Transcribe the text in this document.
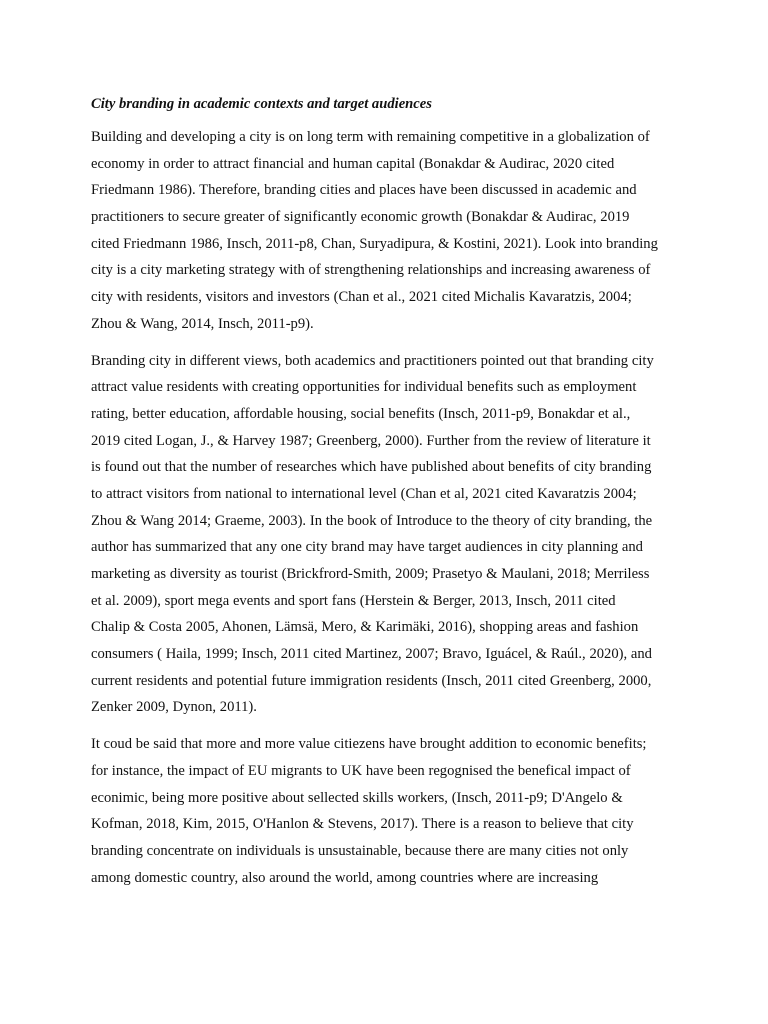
City branding in academic contexts and target audiences
Building and developing a city is on long term with remaining competitive in a globalization of
economy in order to attract financial and human capital (Bonakdar & Audirac, 2020 cited
Friedmann 1986). Therefore, branding cities and places have been discussed in academic and
practitioners to secure greater of significantly economic growth (Bonakdar & Audirac, 2019
cited Friedmann 1986, Insch, 2011-p8, Chan, Suryadipura, & Kostini, 2021). Look into branding
city is a city marketing strategy with of strengthening relationships and increasing awareness of
city with residents, visitors and investors (Chan et al., 2021 cited Michalis Kavaratzis, 2004;
Zhou & Wang, 2014, Insch, 2011-p9).
Branding city in different views, both academics and practitioners pointed out that branding city
attract value residents with creating opportunities for individual benefits such as employment
rating, better education, affordable housing, social benefits (Insch, 2011-p9, Bonakdar et al.,
2019 cited Logan, J., & Harvey 1987; Greenberg, 2000). Further from the review of literature it
is found out that the number of researches which have published about benefits of city branding
to attract visitors from national to international level (Chan et al, 2021 cited Kavaratzis 2004;
Zhou & Wang 2014; Graeme, 2003). In the book of Introduce to the theory of city branding, the
author has summarized that any one city brand may have target audiences in city planning and
marketing as diversity as tourist (Brickfrord-Smith, 2009; Prasetyo & Maulani, 2018; Merriless
et al. 2009), sport mega events and sport fans (Herstein & Berger, 2013, Insch, 2011 cited
Chalip & Costa 2005, Ahonen, Lämsä, Mero, & Karimäki, 2016), shopping areas and fashion
consumers ( Haila, 1999; Insch, 2011 cited Martinez, 2007; Bravo, Iguácel, & Raúl., 2020), and
current residents and potential future immigration residents (Insch, 2011 cited Greenberg, 2000,
Zenker 2009, Dynon, 2011).
It coud be said that more and more value citiezens have brought addition to economic benefits;
for instance, the impact of EU migrants to UK have been regognised the benefical impact of
econimic, being more positive about sellected skills workers, (Insch, 2011-p9; D'Angelo &
Kofman, 2018, Kim, 2015, O'Hanlon & Stevens, 2017). There is a reason to believe that city
branding concentrate on individuals is unsustainable, because there are many cities not only
among domestic country, also around the world, among countries where are increasing
